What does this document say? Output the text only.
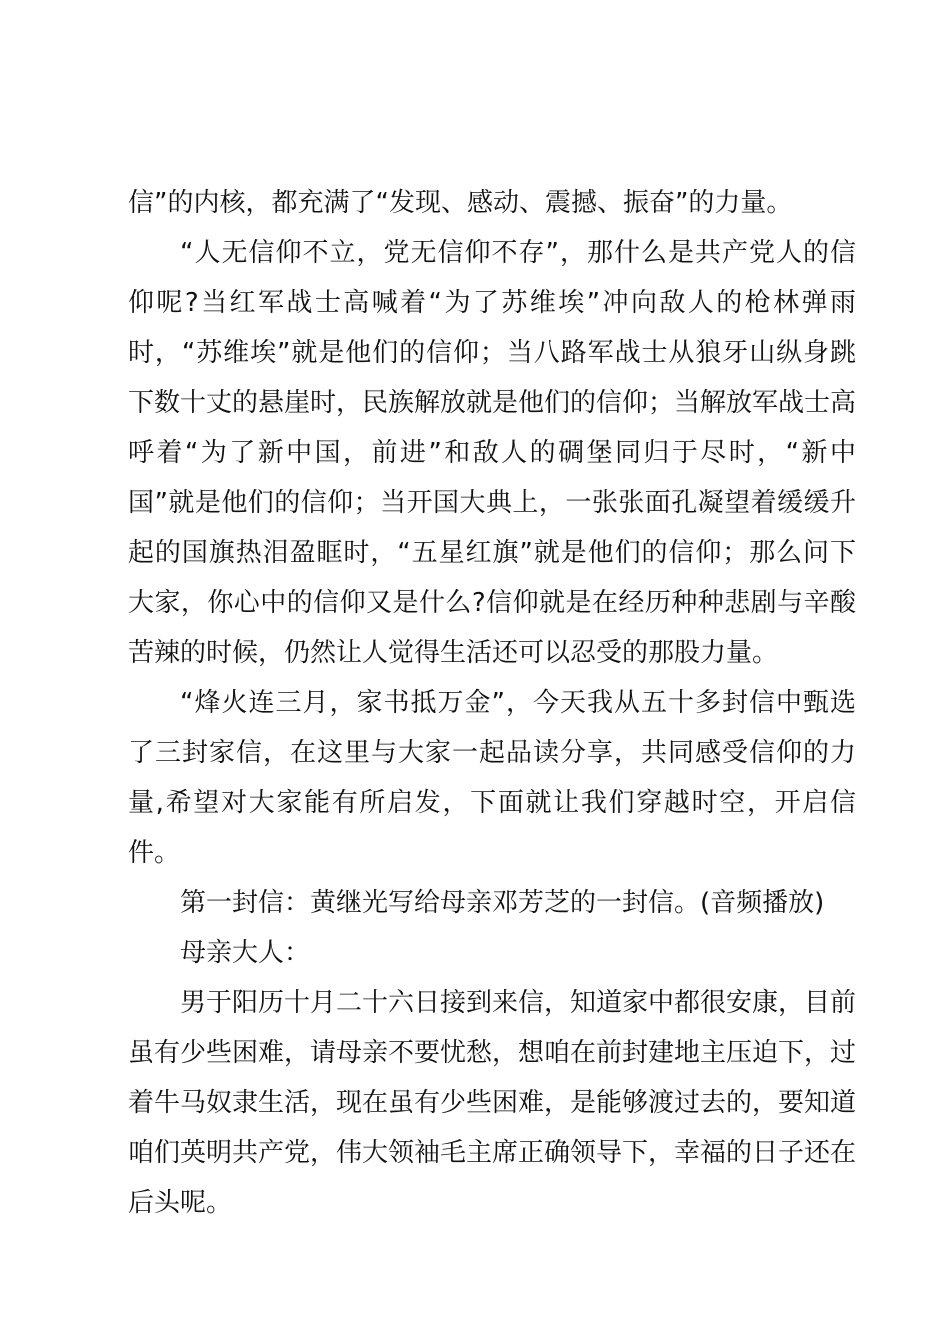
信”的内核，都充满了“发现、感动、震撼、振奋”的力量。

“人无信仰不立，党无信仰不存”，那什么是共产党人的信仰呢?当红军战士高喊着“为了苏维埃”冲向敌人的枪林弹雨时，“苏维埃”就是他们的信仰；当八路军战士从狼牙山纵身跳下数十丈的悬崖时，民族解放就是他们的信仰；当解放军战士高呼着“为了新中国，前进”和敌人的碉堡同归于尽时，“新中国”就是他们的信仰；当开国大典上，一张张面孔凝望着缓缓升起的国旗热泪盈眶时，“五星红旗”就是他们的信仰；那么问下大家，你心中的信仰又是什么?信仰就是在经历种种悲剧与辛酸苦辣的时候，仍然让人觉得生活还可以忍受的那股力量。

“烽火连三月，家书抵万金”，今天我从五十多封信中甄选了三封家信，在这里与大家一起品读分享，共同感受信仰的力量,希望对大家能有所启发，下面就让我们穿越时空，开启信件。

第一封信：黄继光写给母亲邓芳芝的一封信。(音频播放)

母亲大人：

男于阳历十月二十六日接到来信，知道家中都很安康，目前虽有少些困难，请母亲不要忧愁，想咱在前封建地主压迫下，过着牛马奴隶生活，现在虽有少些困难，是能够渡过去的，要知道咱们英明共产党，伟大领袖毛主席正确领导下，幸福的日子还在后头呢。
